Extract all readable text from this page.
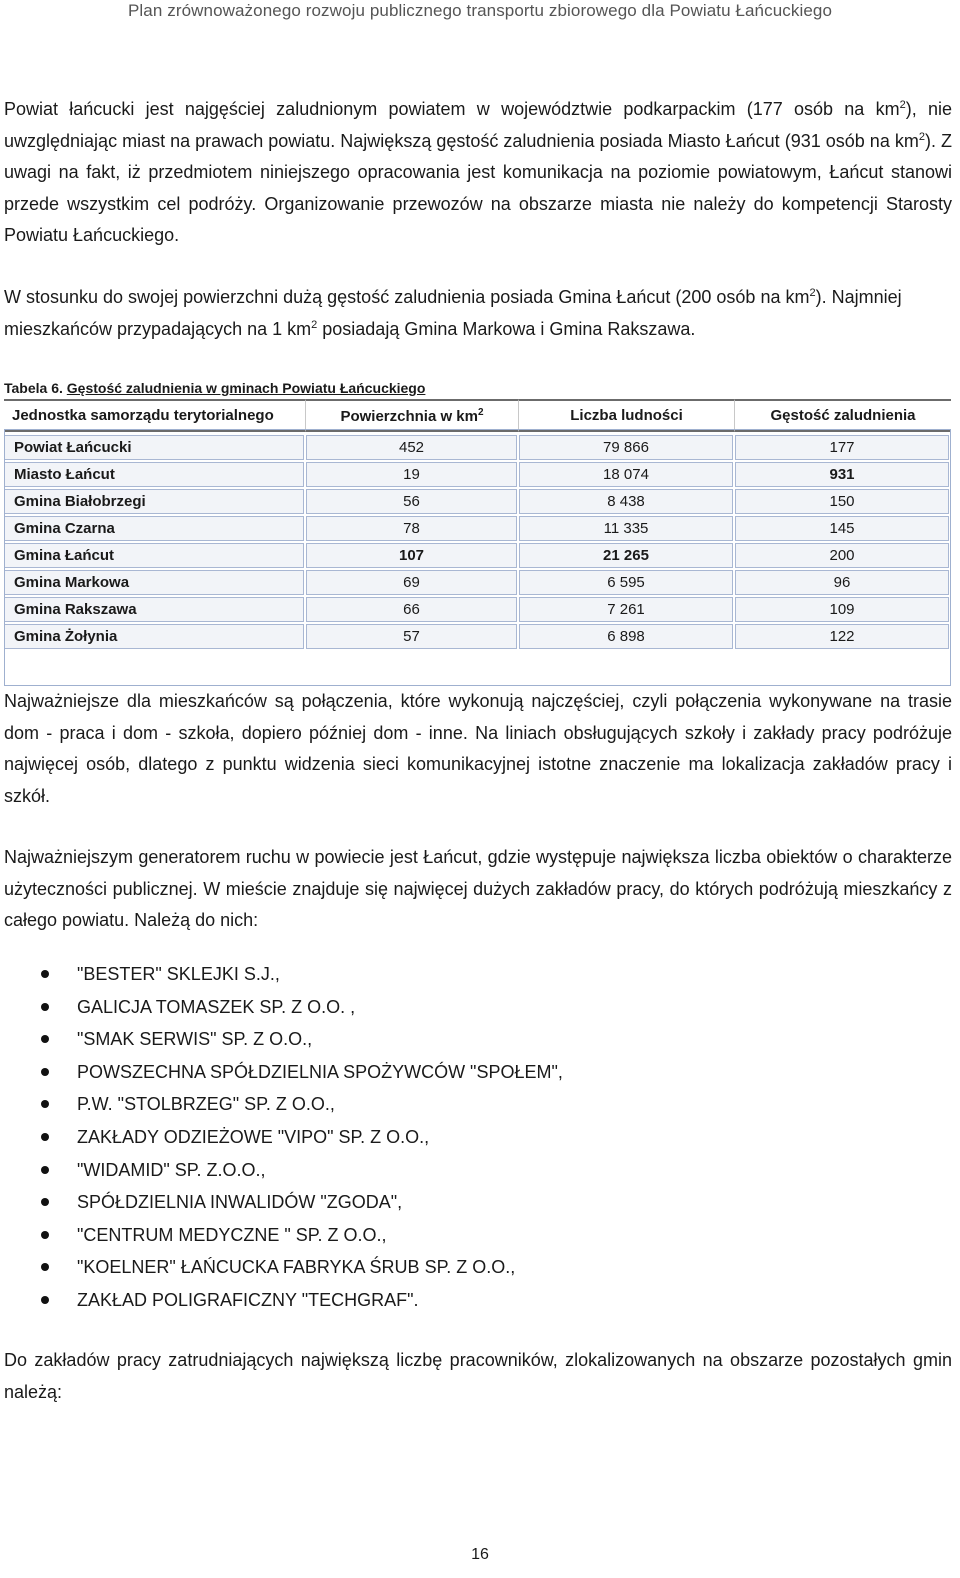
Plan zrównoważonego rozwoju publicznego transportu zbiorowego dla Powiatu Łańcuckiego

Powiat łańcucki jest najgęściej zaludnionym powiatem w województwie podkarpackim (177 osób na $km^2$), nie uwzględniając miast na prawach powiatu. Największą gęstość zaludnienia posiada Miasto Łańcut (931 osób na $km^2$). Z uwagi na fakt, iż przedmiotem niniejszego opracowania jest komunikacja na poziomie powiatowym, Łańcut stanowi przede wszystkim cel podróży. Organizowanie przewozów na obszarze miasta nie należy do kompetencji Starosty Powiatu Łańcuckiego.

W stosunku do swojej powierzchni dużą gęstość zaludnienia posiada Gmina Łańcut (200 osób na $km^2$). Najmniej mieszkańców przypadających na 1 $km^2$ posiadają Gmina Markowa i Gmina Rakszawa.

Tabela 6. Gęstość zaludnienia w gminach Powiatu Łańcuckiego
Jednostka samorządu terytorialnego	Powierzchnia w $km^2$	Liczba ludności	Gęstość zaludnienia
Powiat Łańcucki	452	79 866	177
Miasto Łańcut	19	18 074	931
Gmina Białobrzegi	56	8 438	150
Gmina Czarna	78	11 335	145
Gmina Łańcut	107	21 265	200
Gmina Markowa	69	6 595	96
Gmina Rakszawa	66	7 261	109
Gmina Żołynia	57	6 898	122

Najważniejsze dla mieszkańców są połączenia, które wykonują najczęściej, czyli połączenia wykonywane na trasie dom - praca i dom - szkoła, dopiero później dom - inne. Na liniach obsługujących szkoły i zakłady pracy podróżuje najwięcej osób, dlatego z punktu widzenia sieci komunikacyjnej istotne znaczenie ma lokalizacja zakładów pracy i szkół.

Najważniejszym generatorem ruchu w powiecie jest Łańcut, gdzie występuje największa liczba obiektów o charakterze użyteczności publicznej. W mieście znajduje się najwięcej dużych zakładów pracy, do których podróżują mieszkańcy z całego powiatu. Należą do nich:

"BESTER" SKLEJKI S.J.,
GALICJA TOMASZEK SP. Z O.O. ,
"SMAK SERWIS" SP. Z O.O.,
POWSZECHNA SPÓŁDZIELNIA SPOŻYWCÓW "SPOŁEM",
P.W. "STOLBRZEG" SP. Z O.O.,
ZAKŁADY ODZIEŻOWE "VIPO" SP. Z O.O.,
"WIDAMID" SP. Z.O.O.,
SPÓŁDZIELNIA INWALIDÓW "ZGODA",
"CENTRUM MEDYCZNE " SP. Z O.O.,
"KOELNER" ŁAŃCUCKA FABRYKA ŚRUB SP. Z O.O.,
ZAKŁAD POLIGRAFICZNY "TECHGRAF".

Do zakładów pracy zatrudniających największą liczbę pracowników, zlokalizowanych na obszarze pozostałych gmin należą:

16
